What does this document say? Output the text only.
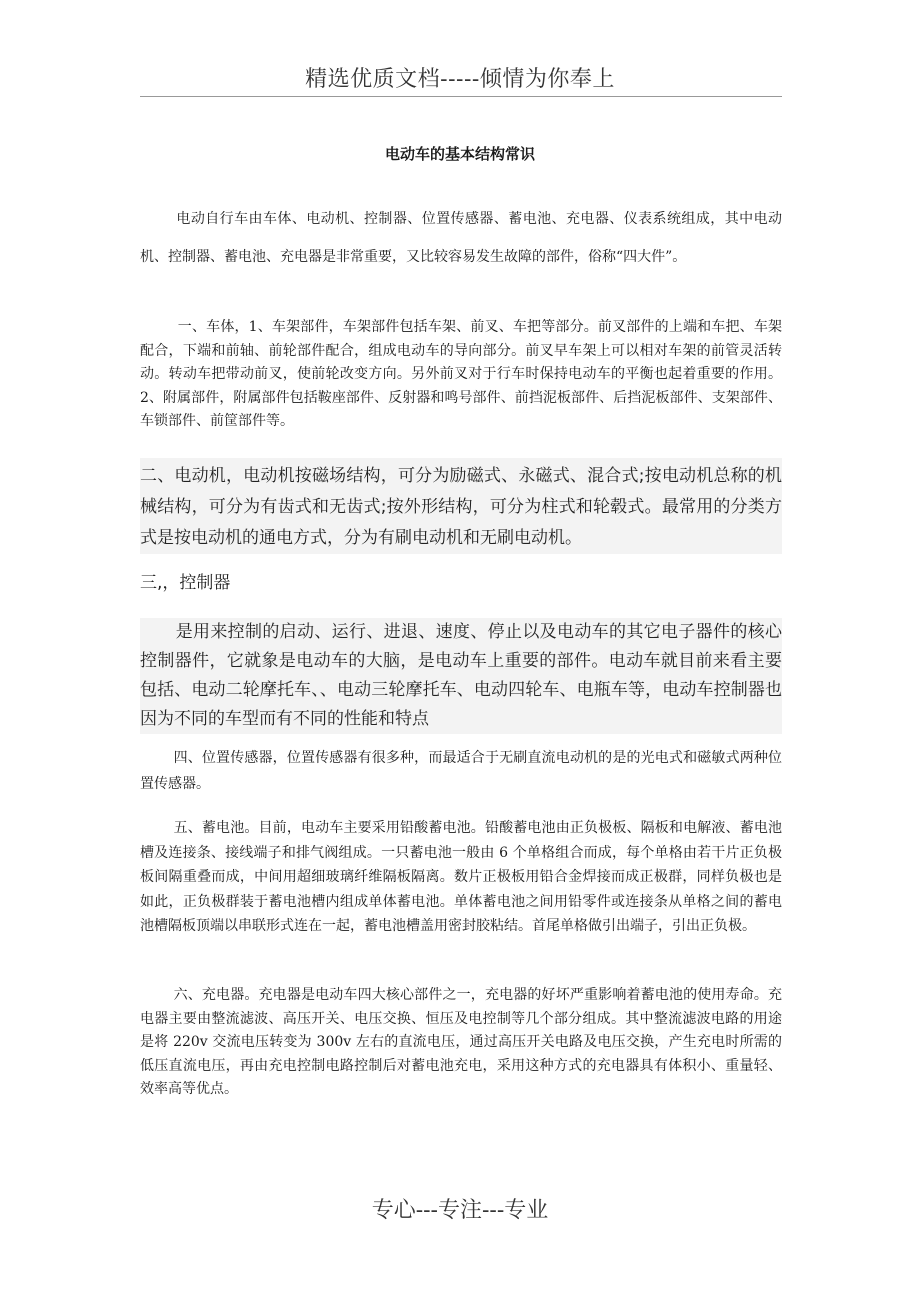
精选优质文档-----倾情为你奉上
电动车的基本结构常识

电动自行车由车体、电动机、控制器、位置传感器、蓄电池、充电器、仪表系统组成，其中电动机、控制器、蓄电池、充电器是非常重要，又比较容易发生故障的部件，俗称“四大件”。

一、车体，1、车架部件，车架部件包括车架、前叉、车把等部分。前叉部件的上端和车把、车架配合，下端和前轴、前轮部件配合，组成电动车的导向部分。前叉早车架上可以相对车架的前管灵活转动。转动车把带动前叉，使前轮改变方向。另外前叉对于行车时保持电动车的平衡也起着重要的作用。2、附属部件，附属部件包括鞍座部件、反射器和鸣号部件、前挡泥板部件、后挡泥板部件、支架部件、车锁部件、前筐部件等。

二、电动机，电动机按磁场结构，可分为励磁式、永磁式、混合式;按电动机总称的机械结构，可分为有齿式和无齿式;按外形结构，可分为柱式和轮毂式。最常用的分类方式是按电动机的通电方式，分为有刷电动机和无刷电动机。

三,，控制器

是用来控制的启动、运行、进退、速度、停止以及电动车的其它电子器件的核心控制器件，它就象是电动车的大脑，是电动车上重要的部件。电动车就目前来看主要包括、电动二轮摩托车、、电动三轮摩托车、电动四轮车、电瓶车等，电动车控制器也因为不同的车型而有不同的性能和特点

四、位置传感器，位置传感器有很多种，而最适合于无刷直流电动机的是的光电式和磁敏式两种位置传感器。

五、蓄电池。目前，电动车主要采用铅酸蓄电池。铅酸蓄电池由正负极板、隔板和电解液、蓄电池槽及连接条、接线端子和排气阀组成。一只蓄电池一般由 6 个单格组合而成，每个单格由若干片正负极板间隔重叠而成，中间用超细玻璃纤维隔板隔离。数片正极板用铅合金焊接而成正极群，同样负极也是如此，正负极群装于蓄电池槽内组成单体蓄电池。单体蓄电池之间用铅零件或连接条从单格之间的蓄电池槽隔板顶端以串联形式连在一起，蓄电池槽盖用密封胶粘结。首尾单格做引出端子，引出正负极。

六、充电器。充电器是电动车四大核心部件之一，充电器的好坏严重影响着蓄电池的使用寿命。充电器主要由整流滤波、高压开关、电压交换、恒压及电控制等几个部分组成。其中整流滤波电路的用途是将 220v 交流电压转变为 300v 左右的直流电压，通过高压开关电路及电压交换，产生充电时所需的低压直流电压，再由充电控制电路控制后对蓄电池充电，采用这种方式的充电器具有体积小、重量轻、效率高等优点。

专心---专注---专业
